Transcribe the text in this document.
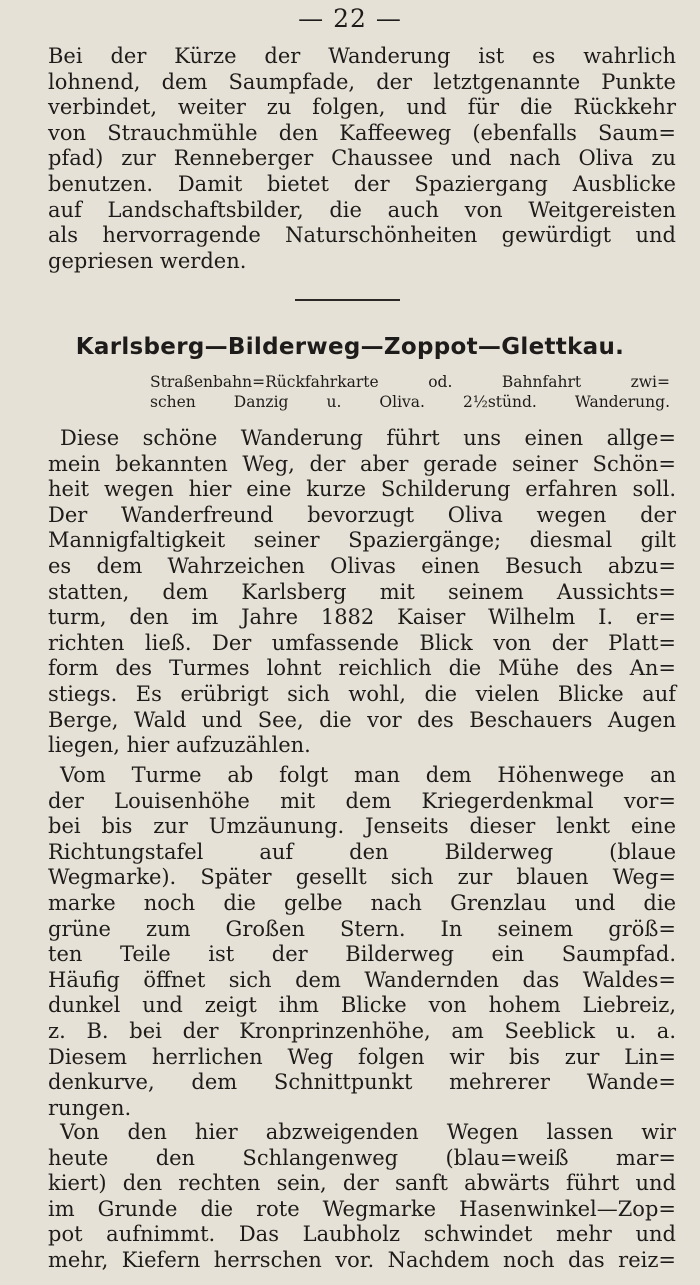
— 22 —
Bei der Kürze der Wanderung ist es wahrlich
lohnend, dem Saumpfade, der letztgenannte Punkte
verbindet, weiter zu folgen, und für die Rückkehr
von Strauchmühle den Kaffeeweg (ebenfalls Saum=
pfad) zur Renneberger Chaussee und nach Oliva zu
benutzen. Damit bietet der Spaziergang Ausblicke
auf Landschaftsbilder, die auch von Weitgereisten
als hervorragende Naturschönheiten gewürdigt und
gepriesen werden.
Karlsberg—Bilderweg—Zoppot—Glettkau.
Straßenbahn=Rückfahrkarte od. Bahnfahrt zwi=
schen Danzig u. Oliva. 2½stünd. Wanderung.
Diese schöne Wanderung führt uns einen allge=
mein bekannten Weg, der aber gerade seiner Schön=
heit wegen hier eine kurze Schilderung erfahren soll.
Der Wanderfreund bevorzugt Oliva wegen der
Mannigfaltigkeit seiner Spaziergänge; diesmal gilt
es dem Wahrzeichen Olivas einen Besuch abzu=
statten, dem Karlsberg mit seinem Aussichts=
turm, den im Jahre 1882 Kaiser Wilhelm I. er=
richten ließ. Der umfassende Blick von der Platt=
form des Turmes lohnt reichlich die Mühe des An=
stiegs. Es erübrigt sich wohl, die vielen Blicke auf
Berge, Wald und See, die vor des Beschauers Augen
liegen, hier aufzuzählen.
Vom Turme ab folgt man dem Höhenwege an
der Louisenhöhe mit dem Kriegerdenkmal vor=
bei bis zur Umzäunung. Jenseits dieser lenkt eine
Richtungstafel auf den Bilderweg (blaue
Wegmarke). Später gesellt sich zur blauen Weg=
marke noch die gelbe nach Grenzlau und die
grüne zum Großen Stern. In seinem größ=
ten Teile ist der Bilderweg ein Saumpfad.
Häufig öffnet sich dem Wandernden das Waldes=
dunkel und zeigt ihm Blicke von hohem Liebreiz,
z. B. bei der Kronprinzenhöhe, am Seeblick u. a.
Diesem herrlichen Weg folgen wir bis zur Lin=
denkurve, dem Schnittpunkt mehrerer Wande=
rungen.
Von den hier abzweigenden Wegen lassen wir
heute den Schlangenweg (blau=weiß mar=
kiert) den rechten sein, der sanft abwärts führt und
im Grunde die rote Wegmarke Hasenwinkel—Zop=
pot aufnimmt. Das Laubholz schwindet mehr und
mehr, Kiefern herrschen vor. Nachdem noch das reiz=
